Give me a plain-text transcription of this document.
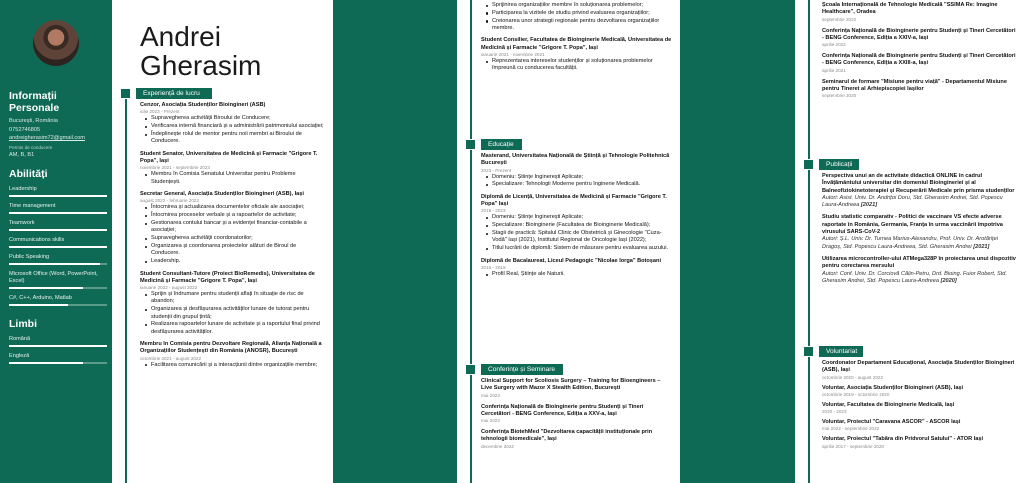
Informații Personale
București, România
0752746805
andreigherasim72@gmail.com
Permis de conducere
AM, B, B1
Abilități
Leadership
Time management
Teamwork
Communications skills
Public Speaking
Microsoft Office (Word, PowerPoint, Excel)
C#, C++, Arduino, Matlab
Limbi
Română
Engleză
Andrei
Gherasim
Experiență de lucru
Cenzor, Asociația Studenților Bioingineri (ASB)
iulie 2023 - Prezent
Supravegherea activității Biroului de Conducere;
Verificarea internă financiară și a administrării patrimoniului asociației;
Îndeplinește rolul de mentor pentru noii membri ai Biroului de Conducere.
Student Senator, Universitatea de Medicină și Farmacie "Grigore T. Popa", Iași
noiembrie 2021 - septembrie 2023
Membru în Comisia Senatului Universitar pentru Probleme Studențești.
Secretar General, Asociația Studenților Bioingineri (ASB), Iași
august 2022 - februarie 2023
Întocmirea și actualizarea documentelor oficiale ale asociației;
Întocmirea proceselor verbale și a rapoartelor de activitate;
Gestionarea contului bancar și a evidenței financiar-contabile a asociației;
Supravegherea activității coordonatorilor;
Organizarea și coordonarea proiectelor alături de Biroul de Conducere.
Leadership.
Student Consultant-Tutore (Proiect BioRemedis), Universitatea de Medicină și Farmacie "Grigore T. Popa", Iași
ianuarie 2022 - august 2022
Sprijin și îndrumare pentru studenții aflați în situație de risc de abandon;
Organizarea și desfășurarea activităților lunare de tutorat pentru studenții din grupul țintă;
Realizarea rapoartelor lunare de activitate și a raportului final privind desfășurarea activităților.
Membru în Comisia pentru Dezvoltare Regională, Alianța Națională a Organizațiilor Studențești din România (ANOSR), București
octombrie 2021 - august 2022
Facilitarea comunicării și a interacțiunii dintre organizațiile membre;
Sprijinirea organizațiilor membre în soluționarea problemelor;
Participarea la vizitele de studiu privind evaluarea organizațiilor;
Creionarea unor strategii regionale pentru dezvoltarea organizațiilor membre.
Student Consilier, Facultatea de Bioinginerie Medicală, Universitatea de Medicină și Farmacie "Grigore T. Popa", Iași
ianuarie 2021 - noiembrie 2021
Reprezentarea intereselor studenților și soluționarea problemelor împreună cu conducerea facultății.
Educație
Masterand, Universitatea Națională de Știință și Tehnologie Politehnică București
2023 - Prezent
Domeniu: Științe Inginerești Aplicate;
Specializare: Tehnologii Moderne pentru Inginerie Medicală.
Diplomă de Licență, Universitatea de Medicină și Farmacie "Grigore T. Popa" Iași
2019 - 2023
Domeniu: Științe Inginerești Aplicate;
Specializare: Bioinginerie (Facultatea de Bioinginerie Medicală);
Stagii de practică: Spitalul Clinic de Obstetrică și Ginecologie "Cuza-Vodă" Iași (2021), Institutul Regional de Oncologie Iași (2022);
Titlul lucrării de diplomă: Sistem de măsurare pentru evaluarea auzului.
Diplomă de Bacalaureat, Liceul Pedagogic "Nicolae Iorga" Botoșani
2015 - 2019
Profil Real, Științe ale Naturii.
Conferințe și Seminare
Clinical Support for Scoliosis Surgery – Training for Bioengineers – Live Surgery with Mazor X Stealth Edition, București
mai 2023
Conferința Națională de Bioinginerie pentru Studenți și Tineri Cercetători - BENG Conference, Ediția a XXV-a, Iași
mai 2023
Conferința BiotehMed "Dezvoltarea capacității instituționale prin tehnologii biomedicale", Iași
decembrie 2022
Școala Internațională de Tehnologie Medicală "SSIMA Re: Imagine Healthcare", Oradea
septembrie 2022
Conferința Națională de Bioinginerie pentru Studenți și Tineri Cercetători - BENG Conference, Ediția a XXIV-a, Iași
aprilie 2022
Conferința Națională de Bioinginerie pentru Studenți și Tineri Cercetători - BENG Conference, Ediția a XXIII-a, Iași
aprilie 2021
Seminarul de formare "Misiune pentru viață" - Departamentul Misiune pentru Tineret al Arhiepiscopiei Iașilor
septembrie 2020
Publicații
Perspectiva unui an de activitate didactică ONLINE în cadrul Învățământului universitar din domeniul Bioingineriei și al Balneofiziokinetoterapiei și Recuperării Medicale prin prisma studenților
Autori: Asist. Univ. Dr. Andrițoi Doru, Std. Gherasim Andrei, Std. Popescu Laura-Andreea [2021]
Studiu statistic comparativ - Politici de vaccinare VS efecte adverse raportate în România, Germania, Franța în urma vaccinării împotriva virusului SARS-CoV-2
Autori: Ș.L. Univ. Dr. Turnea Marius-Alexandru, Prof. Univ. Dr. Arotăriței Dragoș, Std. Popescu Laura-Andreea, Std. Gherasim Andrei [2021]
Utilizarea microcontroller-ului ATMega328P în proiectarea unui dispozitiv pentru corectarea mersului
Autori: Conf. Univ. Dr. Corciovă Călin-Petru, Drd. Bioing. Fuior Robert, Std. Gherasim Andrei, Std. Popescu Laura-Andreea [2020]
Voluntariat
Coordonator Departament Educațional, Asociația Studenților Bioingineri (ASB), Iași
octombrie 2020 - august 2022
Voluntar, Asociația Studenților Bioingineri (ASB), Iași
octombrie 2019 - octombrie 2020
Voluntar, Facultatea de Bioinginerie Medicală, Iași
2020 - 2023
Voluntar, Proiectul "Caravana ASCOR" - ASCOR Iași
mai 2022 - septembrie 2022
Voluntar, Proiectul "Tabăra din Pridvorul Satului" - ATOR Iași
aprilie 2017 - septembrie 2020
